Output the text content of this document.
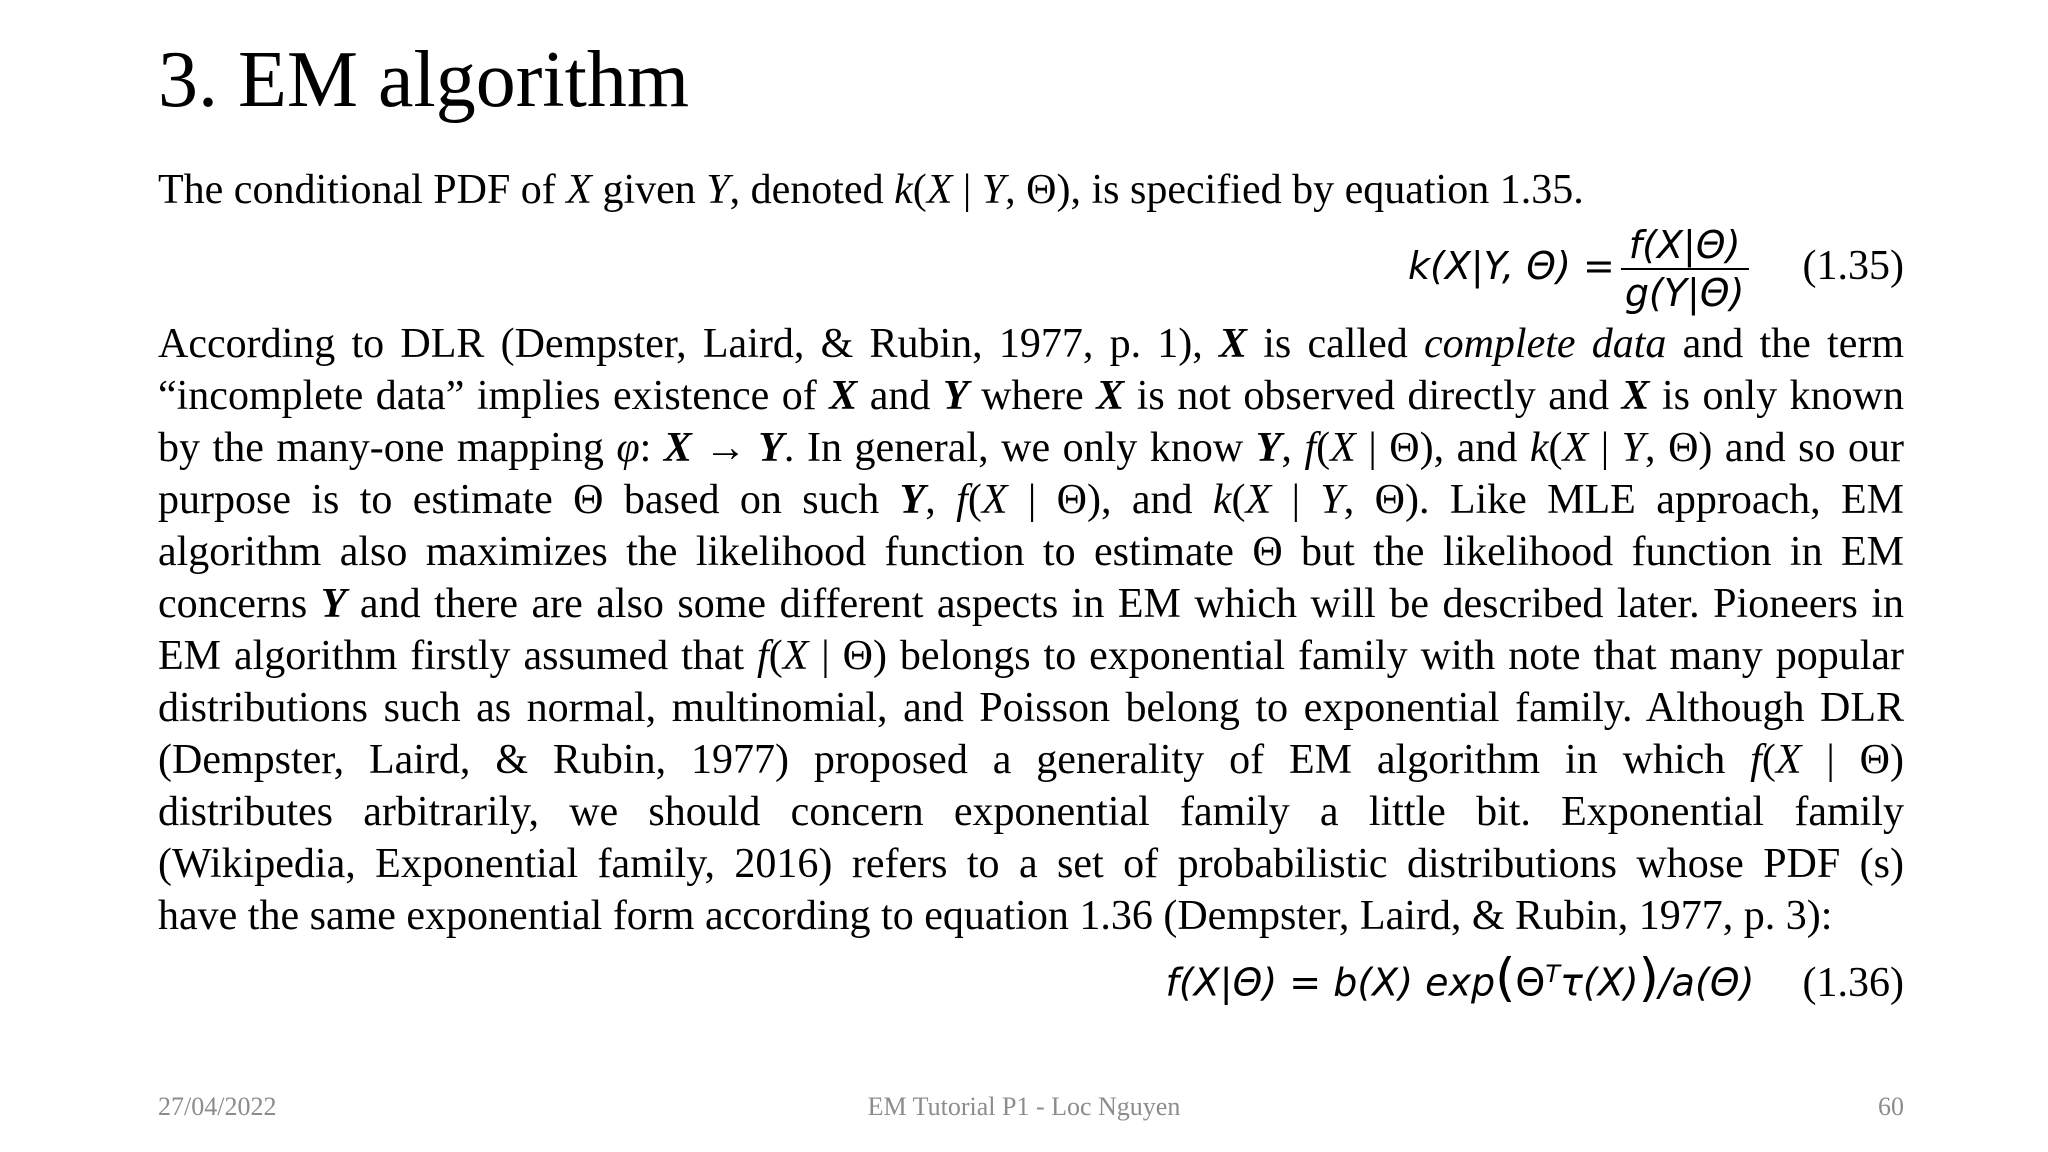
3. EM algorithm
The conditional PDF of X given Y, denoted k(X | Y, Θ), is specified by equation 1.35.
k(X|Y, $\Theta) = \frac{f(X|\Theta)}{g(Y|\Theta)} (1.35)$
According to DLR (Dempster, Laird, & Rubin, 1977, p. 1), X is called complete data and the term
“incomplete data” implies existence of X and Y where X is not observed directly and X is only known
by the many-one mapping φ: X → Y. In general, we only know Y, f(X | Θ), and k(X | Y, Θ) and so our
purpose is to estimate Θ based on such Y, f(X | Θ), and k(X | Y, Θ). Like MLE approach, EM
algorithm also maximizes the likelihood function to estimate Θ but the likelihood function in EM
concerns Y and there are also some different aspects in EM which will be described later. Pioneers in
EM algorithm firstly assumed that f(X | Θ) belongs to exponential family with note that many popular
distributions such as normal, multinomial, and Poisson belong to exponential family. Although DLR
(Dempster, Laird, & Rubin, 1977) proposed a generality of EM algorithm in which f(X | Θ)
distributes arbitrarily, we should concern exponential family a little bit. Exponential family
(Wikipedia, Exponential family, 2016) refers to a set of probabilistic distributions whose PDF (s)
have the same exponential form according to equation 1.36 (Dempster, Laird, & Rubin, 1977, p. 3):
f(X|Θ) = b(X) $\exp(\Theta^T\tau(X))/a(\Theta)$ (1.36)
27/04/2022	EM Tutorial P1 - Loc Nguyen	60
